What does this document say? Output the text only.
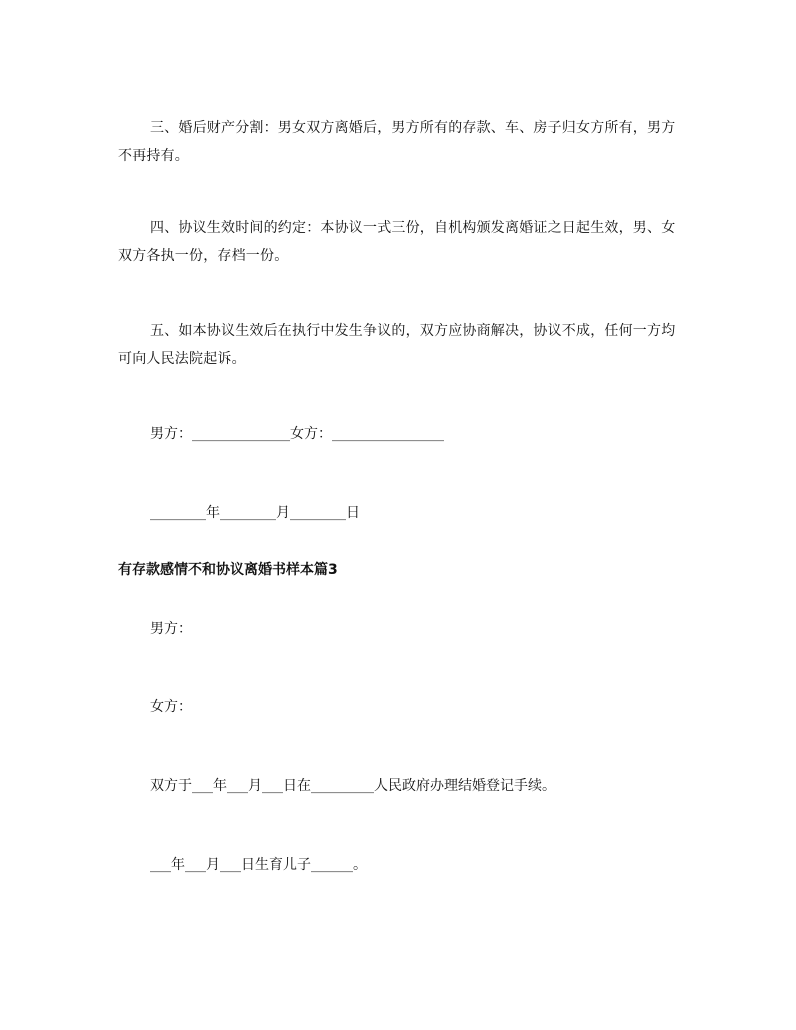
三、婚后财产分割：男女双方离婚后，男方所有的存款、车、房子归女方所有，男方不再持有。
四、协议生效时间的约定：本协议一式三份，自机构颁发离婚证之日起生效，男、女双方各执一份，存档一份。
五、如本协议生效后在执行中发生争议的，双方应协商解决，协议不成，任何一方均可向人民法院起诉。
男方：______________女方：________________
________年________月________日
有存款感情不和协议离婚书样本篇3
男方：
女方：
双方于___年___月___日在_________人民政府办理结婚登记手续。
___年___月___日生育儿子______。
